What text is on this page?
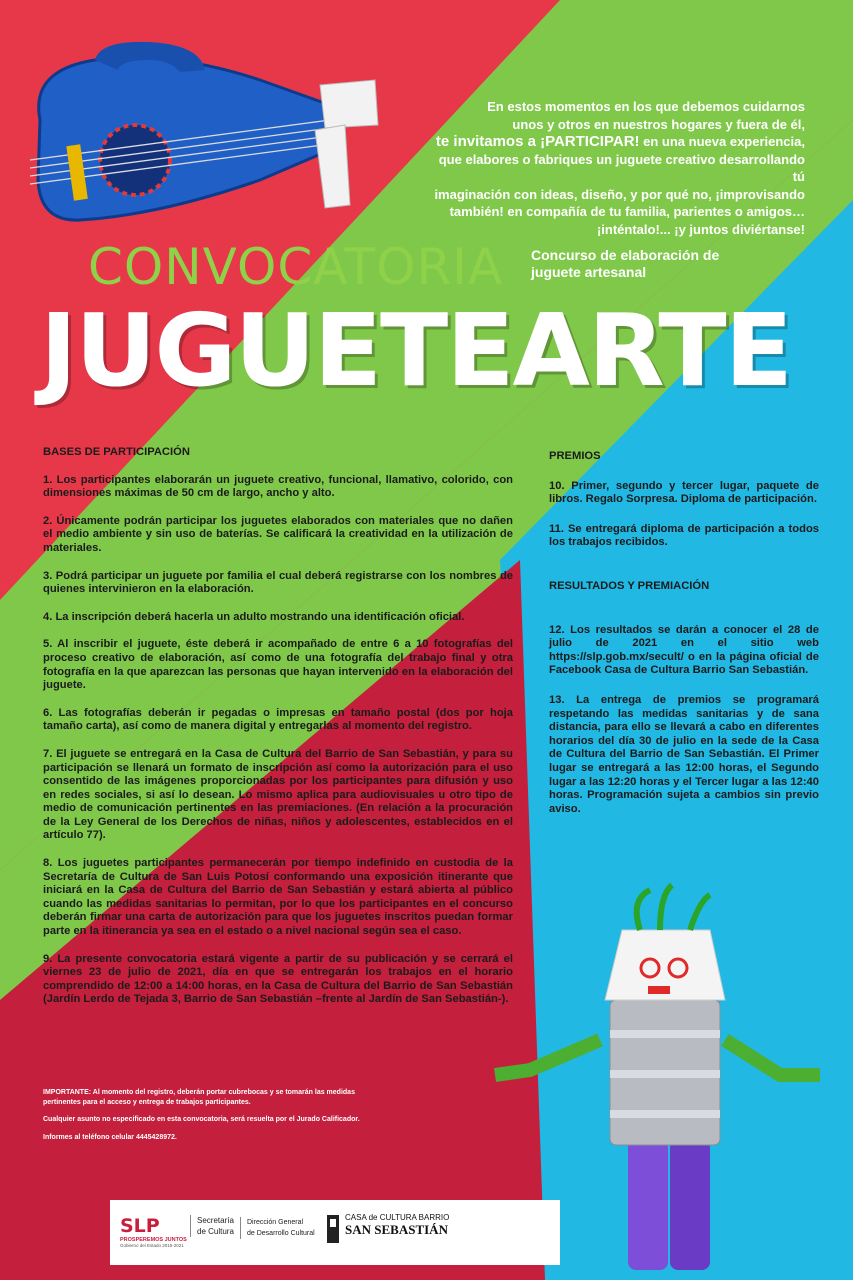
En estos momentos en los que debemos cuidarnos
unos y otros en nuestros hogares y fuera de él,
te invitamos a ¡PARTICIPAR! en una nueva experiencia,
que elabores o fabriques un juguete creativo desarrollando tú
imaginación con ideas, diseño, y por qué no, ¡improvisando
también! en compañía de tu familia, parientes o amigos…
¡inténtalo!... ¡y juntos diviértanse!
CONVOCATORIA Concurso de elaboración de
juguete artesanal
JUGUETEARTE
BASES DE PARTICIPACIÓN

1. Los participantes elaborarán un juguete creativo, funcional, llamativo, colorido, con dimensiones máximas de 50 cm de largo, ancho y alto.

2. Únicamente podrán participar los juguetes elaborados con materiales que no dañen el medio ambiente y sin uso de baterías. Se calificará la creatividad en la utilización de materiales.

3. Podrá participar un juguete por familia el cual deberá registrarse con los nombres de quienes intervinieron en la elaboración.

4. La inscripción deberá hacerla un adulto mostrando una identificación oficial.

5. Al inscribir el juguete, éste deberá ir acompañado de entre 6 a 10 fotografías del proceso creativo de elaboración, así como de una fotografía del trabajo final y otra fotografía en la que aparezcan las personas que hayan intervenido en la elaboración del juguete.

6. Las fotografías deberán ir pegadas o impresas en tamaño postal (dos por hoja tamaño carta), así como de manera digital y entregarlas al momento del registro.

7. El juguete se entregará en la Casa de Cultura del Barrio de San Sebastián, y para su participación se llenará un formato de inscripción así como la autorización para el uso consentido de las imágenes proporcionadas por los participantes para difusión y uso en redes sociales, si así lo desean. Lo mismo aplica para audiovisuales u otro tipo de medio de comunicación pertinentes en las premiaciones. (En relación a la procuración de la Ley General de los Derechos de niñas, niños y adolescentes, establecidos en el artículo 77).

8. Los juguetes participantes permanecerán por tiempo indefinido en custodia de la Secretaría de Cultura de San Luis Potosí conformando una exposición itinerante que iniciará en la Casa de Cultura del Barrio de San Sebastián y estará abierta al público cuando las medidas sanitarias lo permitan, por lo que los participantes en el concurso deberán firmar una carta de autorización para que los juguetes inscritos puedan formar parte en la itinerancia ya sea en el estado o a nivel nacional según sea el caso.

9. La presente convocatoria estará vigente a partir de su publicación y se cerrará el viernes 23 de julio de 2021, día en que se entregarán los trabajos en el horario comprendido de 12:00 a 14:00 horas, en la Casa de Cultura del Barrio de San Sebastián (Jardín Lerdo de Tejada 3, Barrio de San Sebastián –frente al Jardín de San Sebastián-).

PREMIOS

10. Primer, segundo y tercer lugar, paquete de libros. Regalo Sorpresa. Diploma de participación.

11. Se entregará diploma de participación a todos los trabajos recibidos.

RESULTADOS Y PREMIACIÓN

12. Los resultados se darán a conocer el 28 de julio de 2021 en el sitio web https://slp.gob.mx/secult/ o en la página oficial de Facebook Casa de Cultura Barrio San Sebastián.

13. La entrega de premios se programará respetando las medidas sanitarias y de sana distancia, para ello se llevará a cabo en diferentes horarios del día 30 de julio en la sede de la Casa de Cultura del Barrio de San Sebastián. El Primer lugar se entregará a las 12:00 horas, el Segundo lugar a las 12:20 horas y el Tercer lugar a las 12:40 horas. Programación sujeta a cambios sin previo aviso.

IMPORTANTE: Al momento del registro, deberán portar cubrebocas y se tomarán las medidas pertinentes para el acceso y entrega de trabajos participantes.
Cualquier asunto no especificado en esta convocatoria, será resuelta por el Jurado Calificador.
Informes al teléfono celular 4445428972.
SLP
PROSPEREMOS JUNTOS
Gobierno del Estado 2015-2021
Secretaría
de Cultura
Dirección General
de Desarrollo Cultural
CASA de CULTURA BARRIO
SAN SEBASTIÁN
